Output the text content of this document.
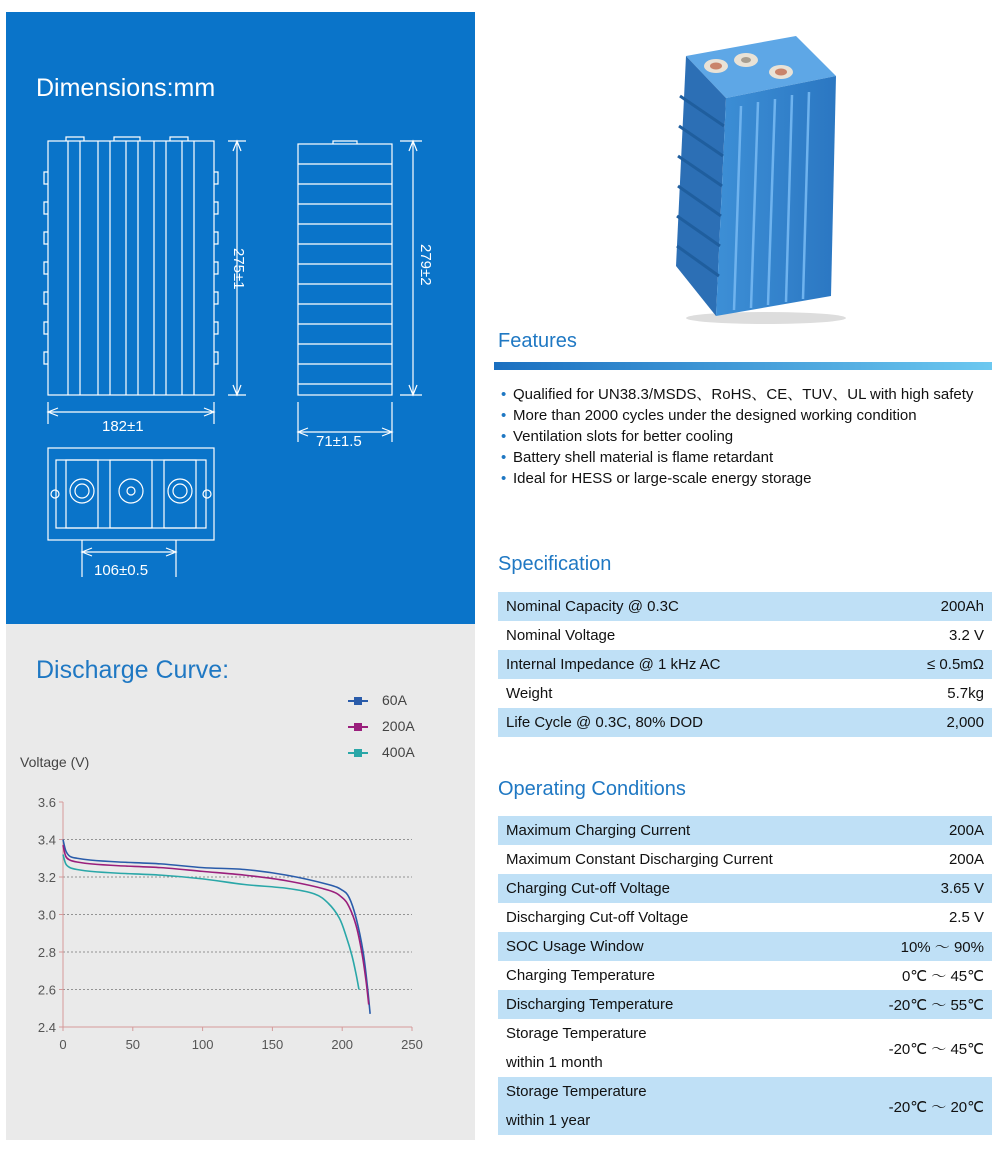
Dimensions:mm
275±1	279±2
182±1
71±1.5
106±0.5
Discharge Curve:
60A
200A
400A
Voltage (V)
2.4
2.6
2.8
3.0
3.2
3.4
3.6
0	50	100	150	200	250
Features
• Qualified for UN38.3/MSDS、RoHS、CE、TUV、UL with high safety
• More than 2000 cycles under the designed working condition
• Ventilation slots for better cooling
• Battery shell material is flame retardant
• Ideal for HESS or large-scale energy storage
Specification
Nominal Capacity @ 0.3C	200Ah
Nominal Voltage	3.2 V
Internal Impedance @ 1 kHz AC	≤ 0.5mΩ
Weight	5.7kg
Life Cycle @ 0.3C, 80% DOD	2,000
Operating Conditions
Maximum Charging Current	200A
Maximum Constant Discharging Current	200A
Charging Cut-off Voltage	3.65 V
Discharging Cut-off Voltage	2.5 V
SOC Usage Window	10% ～ 90%
Charging Temperature	0℃ ～ 45℃
Discharging Temperature	-20℃ ～ 55℃
Storage Temperature
within 1 month	-20℃ ～ 45℃
Storage Temperature
within 1 year	-20℃ ～ 20℃
